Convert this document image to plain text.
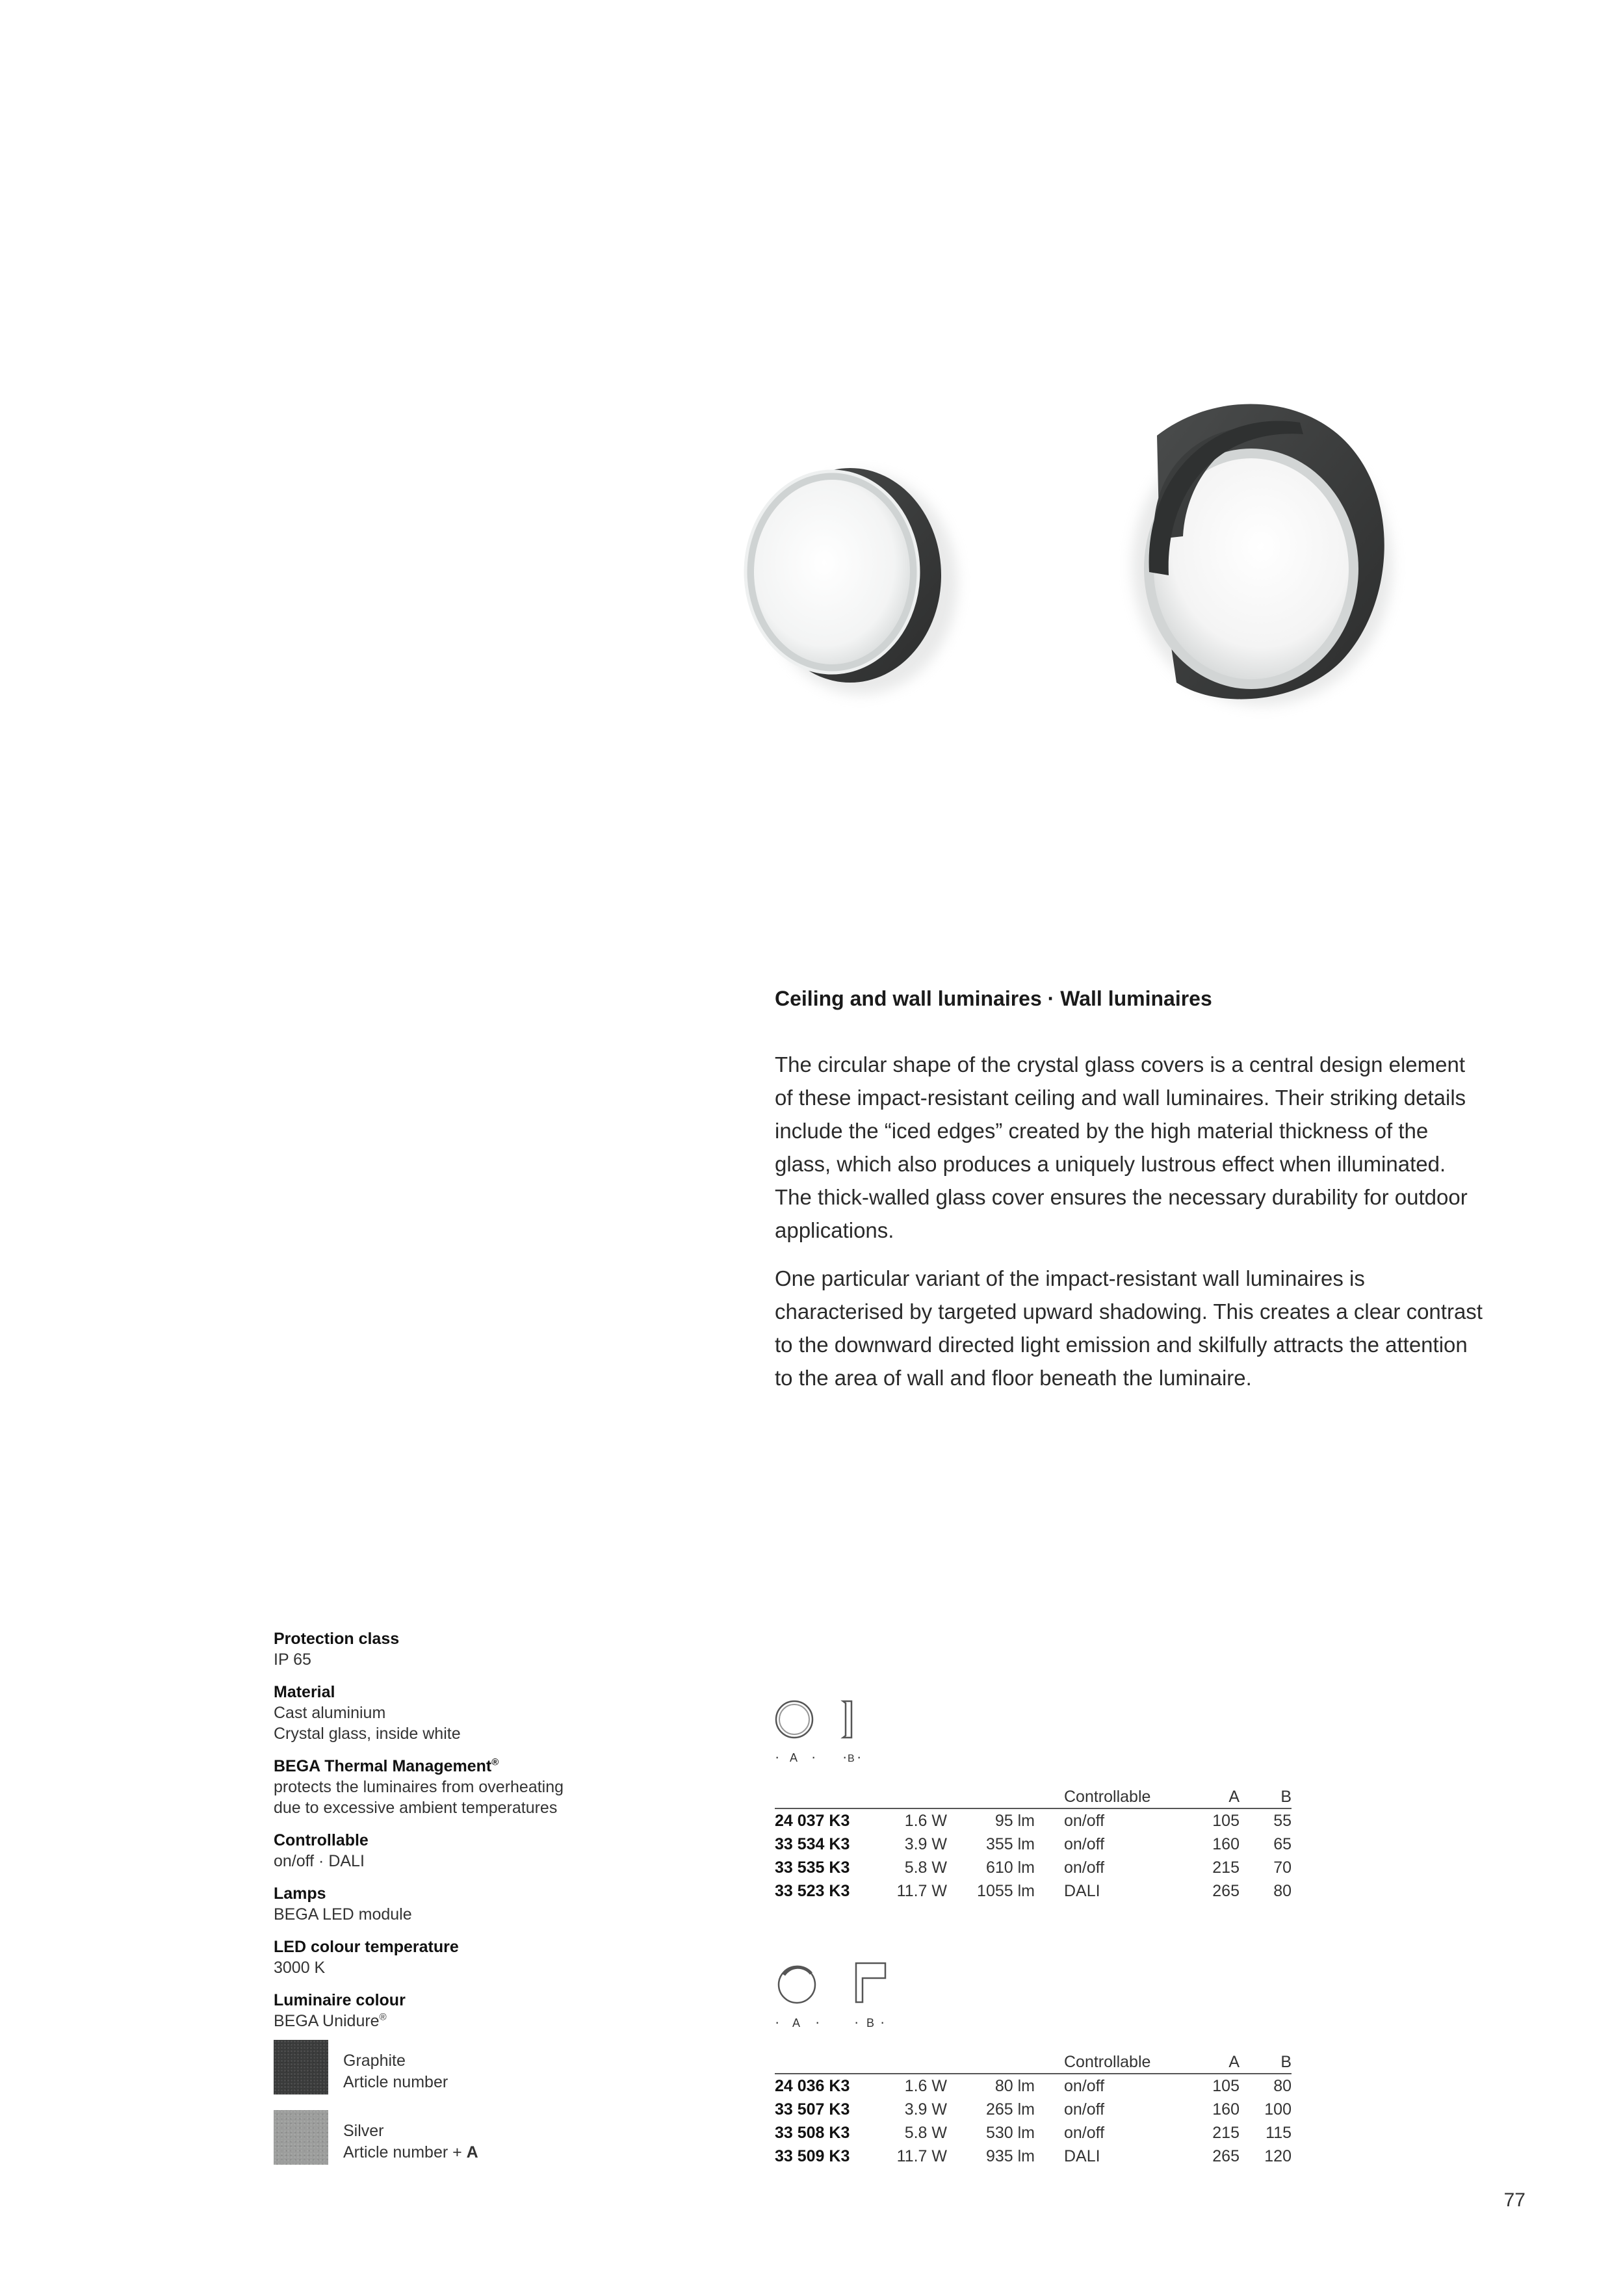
Ceiling and wall luminaires · Wall luminaires

The circular shape of the crystal glass covers is a central design element of these impact-resistant ceiling and wall luminaires. Their striking details include the “iced edges” created by the high material thickness of the glass, which also produces a uniquely lustrous effect when illuminated. The thick-walled glass cover ensures the necessary durability for outdoor applications.

One particular variant of the impact-resistant wall luminaires is characterised by targeted upward shadowing. This creates a clear contrast to the downward directed light emission and skilfully attracts the attention to the area of wall and floor beneath the luminaire.

Protection class
IP 65
Material
Cast aluminium
Crystal glass, inside white
BEGA Thermal Management®
protects the luminaires from overheating
due to excessive ambient temperatures
Controllable
on/off · DALI
Lamps
BEGA LED module
LED colour temperature
3000 K
Luminaire colour
BEGA Unidure®
Graphite
Article number
Silver
Article number + A
· A · · B ·
			Controllable	A	B
24 037 K3	1.6 W	95 lm	on/off	105	55
33 534 K3	3.9 W	355 lm	on/off	160	65
33 535 K3	5.8 W	610 lm	on/off	215	70
33 523 K3	11.7 W	1055 lm	DALI	265	80
· A · · B ·
			Controllable	A	B
24 036 K3	1.6 W	80 lm	on/off	105	80
33 507 K3	3.9 W	265 lm	on/off	160	100
33 508 K3	5.8 W	530 lm	on/off	215	115
33 509 K3	11.7 W	935 lm	DALI	265	120
77
